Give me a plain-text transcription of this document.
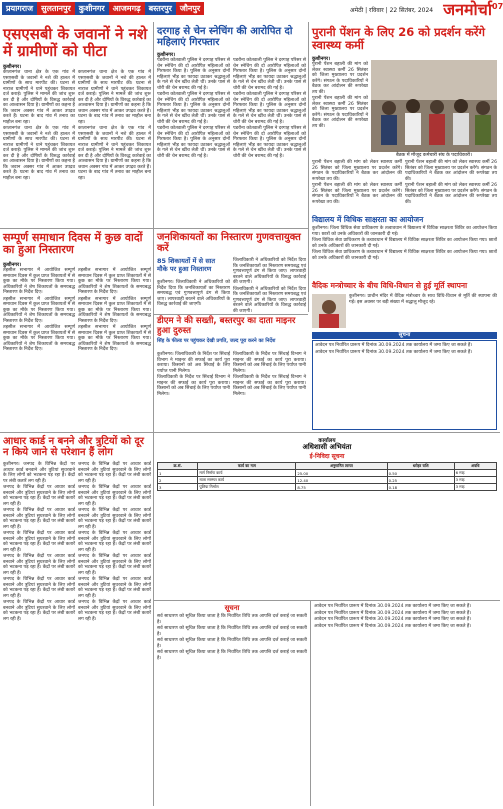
प्रयागराज	सुलतानपुर	कुशीनगर	आजमगढ़	बस्तरपुर	जौनपुर	अमेठी | रविवार | 22 सितंबर, 2024 जनमोर्चा 07
एसएसबी के जवानों ने नशे में ग्रामीणों को पीटा
कुशीनगर।

कप्तानगंज थाना क्षेत्र के एक गांव में एसएसबी के जवानों ने नशे की हालत में ग्रामीणों के साथ मारपीट की। घटना से नाराज ग्रामीणों ने थाने पहुंचकर शिकायत दर्ज कराई। पुलिस ने मामले की जांच शुरू कर दी है और दोषियों के विरुद्ध कार्रवाई का आश्वासन दिया है। ग्रामीणों का कहना है कि जवान अक्सर गांव में आकर उपद्रव करते हैं। घटना के बाद गांव में तनाव का माहौल बना रहा।

कप्तानगंज थाना क्षेत्र के एक गांव में एसएसबी के जवानों ने नशे की हालत में ग्रामीणों के साथ मारपीट की। घटना से नाराज ग्रामीणों ने थाने पहुंचकर शिकायत दर्ज कराई। पुलिस ने मामले की जांच शुरू कर दी है और दोषियों के विरुद्ध कार्रवाई का आश्वासन दिया है। ग्रामीणों का कहना है कि जवान अक्सर गांव में आकर उपद्रव करते हैं। घटना के बाद गांव में तनाव का माहौल बना रहा।

कप्तानगंज थाना क्षेत्र के एक गांव में एसएसबी के जवानों ने नशे की हालत में ग्रामीणों के साथ मारपीट की। घटना से नाराज ग्रामीणों ने थाने पहुंचकर शिकायत दर्ज कराई। पुलिस ने मामले की जांच शुरू कर दी है और दोषियों के विरुद्ध कार्रवाई का आश्वासन दिया है। ग्रामीणों का कहना है कि जवान अक्सर गांव में आकर उपद्रव करते हैं। घटना के बाद गांव में तनाव का माहौल बना रहा।

कप्तानगंज थाना क्षेत्र के एक गांव में एसएसबी के जवानों ने नशे की हालत में ग्रामीणों के साथ मारपीट की। घटना से नाराज ग्रामीणों ने थाने पहुंचकर शिकायत दर्ज कराई। पुलिस ने मामले की जांच शुरू कर दी है और दोषियों के विरुद्ध कार्रवाई का आश्वासन दिया है। ग्रामीणों का कहना है कि जवान अक्सर गांव में आकर उपद्रव करते हैं। घटना के बाद गांव में तनाव का माहौल बना रहा।

दरगाह से चेन स्नेचिंग की आरोपित दो महिलाएं गिरफ्तार
कुशीनगर।

पडरौना कोतवाली पुलिस ने दरगाह परिसर से चेन स्नेचिंग की दो आरोपित महिलाओं को गिरफ्तार किया है। पुलिस के अनुसार दोनों महिलाएं भीड़ का फायदा उठाकर श्रद्धालुओं के गले से चेन खींच लेती थीं। उनके पास से चोरी की चेन बरामद की गई है।

पडरौना कोतवाली पुलिस ने दरगाह परिसर से चेन स्नेचिंग की दो आरोपित महिलाओं को गिरफ्तार किया है। पुलिस के अनुसार दोनों महिलाएं भीड़ का फायदा उठाकर श्रद्धालुओं के गले से चेन खींच लेती थीं। उनके पास से चोरी की चेन बरामद की गई है।

पडरौना कोतवाली पुलिस ने दरगाह परिसर से चेन स्नेचिंग की दो आरोपित महिलाओं को गिरफ्तार किया है। पुलिस के अनुसार दोनों महिलाएं भीड़ का फायदा उठाकर श्रद्धालुओं के गले से चेन खींच लेती थीं। उनके पास से चोरी की चेन बरामद की गई है।

पडरौना कोतवाली पुलिस ने दरगाह परिसर से चेन स्नेचिंग की दो आरोपित महिलाओं को गिरफ्तार किया है। पुलिस के अनुसार दोनों महिलाएं भीड़ का फायदा उठाकर श्रद्धालुओं के गले से चेन खींच लेती थीं। उनके पास से चोरी की चेन बरामद की गई है।

पडरौना कोतवाली पुलिस ने दरगाह परिसर से चेन स्नेचिंग की दो आरोपित महिलाओं को गिरफ्तार किया है। पुलिस के अनुसार दोनों महिलाएं भीड़ का फायदा उठाकर श्रद्धालुओं के गले से चेन खींच लेती थीं। उनके पास से चोरी की चेन बरामद की गई है।

पडरौना कोतवाली पुलिस ने दरगाह परिसर से चेन स्नेचिंग की दो आरोपित महिलाओं को गिरफ्तार किया है। पुलिस के अनुसार दोनों महिलाएं भीड़ का फायदा उठाकर श्रद्धालुओं के गले से चेन खींच लेती थीं। उनके पास से चोरी की चेन बरामद की गई है।

पुरानी पेंशन के लिए 26 को प्रदर्शन करेंगे स्वास्थ्य कर्मी
कुशीनगर।

पुरानी पेंशन बहाली की मांग को लेकर स्वास्थ्य कर्मी 26 सितंबर को जिला मुख्यालय पर प्रदर्शन करेंगे। संगठन के पदाधिकारियों ने बैठक कर आंदोलन की रूपरेखा तय की।

पुरानी पेंशन बहाली की मांग को लेकर स्वास्थ्य कर्मी 26 सितंबर को जिला मुख्यालय पर प्रदर्शन करेंगे। संगठन के पदाधिकारियों ने बैठक कर आंदोलन की रूपरेखा तय की।

बैठक में मौजूद कर्मचारी संघ के पदाधिकारी।

पुरानी पेंशन बहाली की मांग को लेकर स्वास्थ्य कर्मी 26 सितंबर को जिला मुख्यालय पर प्रदर्शन करेंगे। संगठन के पदाधिकारियों ने बैठक कर आंदोलन की रूपरेखा तय की।

पुरानी पेंशन बहाली की मांग को लेकर स्वास्थ्य कर्मी 26 सितंबर को जिला मुख्यालय पर प्रदर्शन करेंगे। संगठन के पदाधिकारियों ने बैठक कर आंदोलन की रूपरेखा तय की।

पुरानी पेंशन बहाली की मांग को लेकर स्वास्थ्य कर्मी 26 सितंबर को जिला मुख्यालय पर प्रदर्शन करेंगे। संगठन के पदाधिकारियों ने बैठक कर आंदोलन की रूपरेखा तय की।

पुरानी पेंशन बहाली की मांग को लेकर स्वास्थ्य कर्मी 26 सितंबर को जिला मुख्यालय पर प्रदर्शन करेंगे। संगठन के पदाधिकारियों ने बैठक कर आंदोलन की रूपरेखा तय की।

विद्यालय में विधिक साक्षरता का आयोजन

कुशीनगर। जिला विधिक सेवा प्राधिकरण के तत्वावधान में विद्यालय में विधिक साक्षरता शिविर का आयोजन किया गया। छात्रों को उनके अधिकारों की जानकारी दी गई।

जिला विधिक सेवा प्राधिकरण के तत्वावधान में विद्यालय में विधिक साक्षरता शिविर का आयोजन किया गया। छात्रों को उनके अधिकारों की जानकारी दी गई।

जिला विधिक सेवा प्राधिकरण के तत्वावधान में विद्यालय में विधिक साक्षरता शिविर का आयोजन किया गया। छात्रों को उनके अधिकारों की जानकारी दी गई।

वैदिक मन्त्रोच्चार के बीच विधि-विधान से हुई मूर्ति स्थापना

कुशीनगर। प्राचीन मंदिर में वैदिक मंत्रोच्चार के साथ विधि-विधान से मूर्ति की स्थापना की गई। इस अवसर पर बड़ी संख्या में श्रद्धालु मौजूद रहे।

सूचना

आवेदन पत्र निर्धारित प्रारूप में दिनांक 30.09.2024 तक कार्यालय में जमा किए जा सकते हैं।

आवेदन पत्र निर्धारित प्रारूप में दिनांक 30.09.2024 तक कार्यालय में जमा किए जा सकते हैं।

सम्पूर्ण समाधान दिवस में कुछ वादों का हुआ निस्तारण
कुशीनगर।

तहसील सभागार में आयोजित सम्पूर्ण समाधान दिवस में कुल प्राप्त शिकायतों में से कुछ का मौके पर निस्तारण किया गया। अधिकारियों ने शेष शिकायतों के समयबद्ध निस्तारण के निर्देश दिए।

तहसील सभागार में आयोजित सम्पूर्ण समाधान दिवस में कुल प्राप्त शिकायतों में से कुछ का मौके पर निस्तारण किया गया। अधिकारियों ने शेष शिकायतों के समयबद्ध निस्तारण के निर्देश दिए।

तहसील सभागार में आयोजित सम्पूर्ण समाधान दिवस में कुल प्राप्त शिकायतों में से कुछ का मौके पर निस्तारण किया गया। अधिकारियों ने शेष शिकायतों के समयबद्ध निस्तारण के निर्देश दिए।

तहसील सभागार में आयोजित सम्पूर्ण समाधान दिवस में कुल प्राप्त शिकायतों में से कुछ का मौके पर निस्तारण किया गया। अधिकारियों ने शेष शिकायतों के समयबद्ध निस्तारण के निर्देश दिए।

तहसील सभागार में आयोजित सम्पूर्ण समाधान दिवस में कुल प्राप्त शिकायतों में से कुछ का मौके पर निस्तारण किया गया। अधिकारियों ने शेष शिकायतों के समयबद्ध निस्तारण के निर्देश दिए।

तहसील सभागार में आयोजित सम्पूर्ण समाधान दिवस में कुल प्राप्त शिकायतों में से कुछ का मौके पर निस्तारण किया गया। अधिकारियों ने शेष शिकायतों के समयबद्ध निस्तारण के निर्देश दिए।

जनशिकायतों का निस्तारण गुणवत्तायुक्त करें
85 शिकायतों में से सात मौके पर हुआ निस्तारण

कुशीनगर। जिलाधिकारी ने अधिकारियों को निर्देश दिया कि जनशिकायतों का निस्तारण समयबद्ध एवं गुणवत्तापूर्ण ढंग से किया जाए। लापरवाही बरतने वाले अधिकारियों के विरुद्ध कार्रवाई की जाएगी।

जिलाधिकारी ने अधिकारियों को निर्देश दिया कि जनशिकायतों का निस्तारण समयबद्ध एवं गुणवत्तापूर्ण ढंग से किया जाए। लापरवाही बरतने वाले अधिकारियों के विरुद्ध कार्रवाई की जाएगी।

जिलाधिकारी ने अधिकारियों को निर्देश दिया कि जनशिकायतों का निस्तारण समयबद्ध एवं गुणवत्तापूर्ण ढंग से किया जाए। लापरवाही बरतने वाले अधिकारियों के विरुद्ध कार्रवाई की जाएगी।

डीएम ने की सख्ती, बस्तरपुर का दाता माइनर हुआ दुरुस्त
सिंह के फील्ड पर पहुंचकर देखी प्रगति, जल्द पूरा करने का निर्देश

कुशीनगर। जिलाधिकारी के निर्देश पर सिंचाई विभाग ने माइनर की सफाई का कार्य पूरा कराया। किसानों को अब सिंचाई के लिए पर्याप्त पानी मिलेगा।

जिलाधिकारी के निर्देश पर सिंचाई विभाग ने माइनर की सफाई का कार्य पूरा कराया। किसानों को अब सिंचाई के लिए पर्याप्त पानी मिलेगा।

जिलाधिकारी के निर्देश पर सिंचाई विभाग ने माइनर की सफाई का कार्य पूरा कराया। किसानों को अब सिंचाई के लिए पर्याप्त पानी मिलेगा।

जिलाधिकारी के निर्देश पर सिंचाई विभाग ने माइनर की सफाई का कार्य पूरा कराया। किसानों को अब सिंचाई के लिए पर्याप्त पानी मिलेगा।

आधार कार्ड न बनने और त्रुटियों को दूर न किये जाने से परेशान हैं लोग

कुशीनगर। जनपद के विभिन्न केंद्रों पर आधार कार्ड बनवाने और त्रुटियां सुधरवाने के लिए लोगों को भटकना पड़ रहा है। केंद्रों पर लंबी कतारें लग रही हैं।

जनपद के विभिन्न केंद्रों पर आधार कार्ड बनवाने और त्रुटियां सुधरवाने के लिए लोगों को भटकना पड़ रहा है। केंद्रों पर लंबी कतारें लग रही हैं।

जनपद के विभिन्न केंद्रों पर आधार कार्ड बनवाने और त्रुटियां सुधरवाने के लिए लोगों को भटकना पड़ रहा है। केंद्रों पर लंबी कतारें लग रही हैं।

जनपद के विभिन्न केंद्रों पर आधार कार्ड बनवाने और त्रुटियां सुधरवाने के लिए लोगों को भटकना पड़ रहा है। केंद्रों पर लंबी कतारें लग रही हैं।

जनपद के विभिन्न केंद्रों पर आधार कार्ड बनवाने और त्रुटियां सुधरवाने के लिए लोगों को भटकना पड़ रहा है। केंद्रों पर लंबी कतारें लग रही हैं।

जनपद के विभिन्न केंद्रों पर आधार कार्ड बनवाने और त्रुटियां सुधरवाने के लिए लोगों को भटकना पड़ रहा है। केंद्रों पर लंबी कतारें लग रही हैं।

जनपद के विभिन्न केंद्रों पर आधार कार्ड बनवाने और त्रुटियां सुधरवाने के लिए लोगों को भटकना पड़ रहा है। केंद्रों पर लंबी कतारें लग रही हैं।

जनपद के विभिन्न केंद्रों पर आधार कार्ड बनवाने और त्रुटियां सुधरवाने के लिए लोगों को भटकना पड़ रहा है। केंद्रों पर लंबी कतारें लग रही हैं।

जनपद के विभिन्न केंद्रों पर आधार कार्ड बनवाने और त्रुटियां सुधरवाने के लिए लोगों को भटकना पड़ रहा है। केंद्रों पर लंबी कतारें लग रही हैं।

जनपद के विभिन्न केंद्रों पर आधार कार्ड बनवाने और त्रुटियां सुधरवाने के लिए लोगों को भटकना पड़ रहा है। केंद्रों पर लंबी कतारें लग रही हैं।

जनपद के विभिन्न केंद्रों पर आधार कार्ड बनवाने और त्रुटियां सुधरवाने के लिए लोगों को भटकना पड़ रहा है। केंद्रों पर लंबी कतारें लग रही हैं।

जनपद के विभिन्न केंद्रों पर आधार कार्ड बनवाने और त्रुटियां सुधरवाने के लिए लोगों को भटकना पड़ रहा है। केंद्रों पर लंबी कतारें लग रही हैं।

जनपद के विभिन्न केंद्रों पर आधार कार्ड बनवाने और त्रुटियां सुधरवाने के लिए लोगों को भटकना पड़ रहा है। केंद्रों पर लंबी कतारें लग रही हैं।

जनपद के विभिन्न केंद्रों पर आधार कार्ड बनवाने और त्रुटियां सुधरवाने के लिए लोगों को भटकना पड़ रहा है। केंद्रों पर लंबी कतारें लग रही हैं।

कार्यालय
अधिशासी अभियंता
ई-निविदा सूचना
क्र.सं.	कार्य का नाम	अनुमानित लागत	धरोहर राशि	अवधि
1	मार्ग निर्माण कार्य	25.00	0.50	6 माह
2	नाला मरम्मत कार्य	12.40	0.25	3 माह
3	पुलिया निर्माण	8.75	0.18	3 माह
सूचना

सर्व साधारण को सूचित किया जाता है कि निर्धारित तिथि तक आपत्ति दर्ज कराई जा सकती है।

सर्व साधारण को सूचित किया जाता है कि निर्धारित तिथि तक आपत्ति दर्ज कराई जा सकती है।

सर्व साधारण को सूचित किया जाता है कि निर्धारित तिथि तक आपत्ति दर्ज कराई जा सकती है।

सर्व साधारण को सूचित किया जाता है कि निर्धारित तिथि तक आपत्ति दर्ज कराई जा सकती है।

आवेदन पत्र निर्धारित प्रारूप में दिनांक 30.09.2024 तक कार्यालय में जमा किए जा सकते हैं।

आवेदन पत्र निर्धारित प्रारूप में दिनांक 30.09.2024 तक कार्यालय में जमा किए जा सकते हैं।

आवेदन पत्र निर्धारित प्रारूप में दिनांक 30.09.2024 तक कार्यालय में जमा किए जा सकते हैं।

आवेदन पत्र निर्धारित प्रारूप में दिनांक 30.09.2024 तक कार्यालय में जमा किए जा सकते हैं।
